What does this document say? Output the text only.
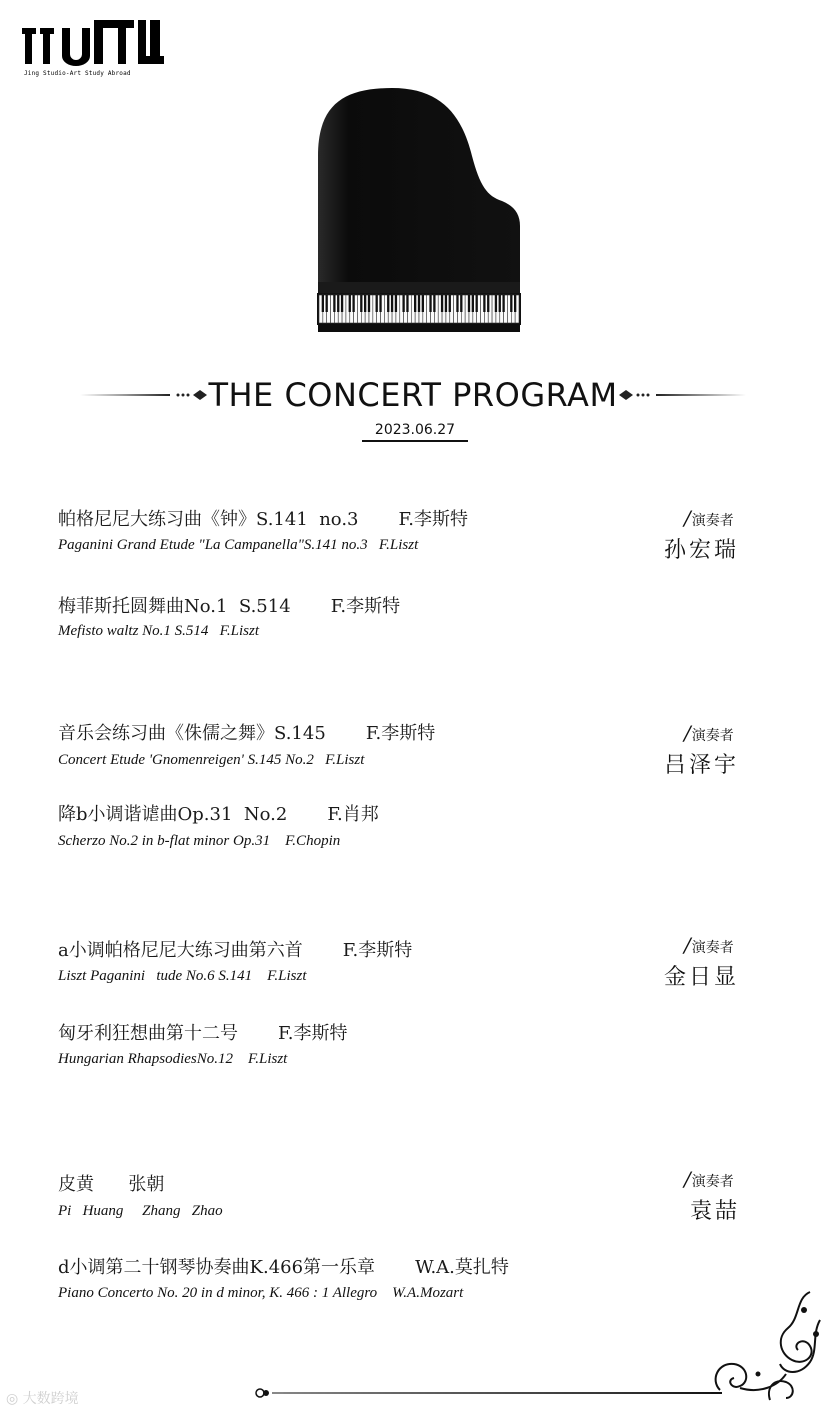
Jing Studio-Art Study Abroad
THE CONCERT PROGRAM
2023.06.27
帕格尼尼大练习曲《钟》S.141  no.3       F.李斯特
Paganini Grand Etude "La Campanella"S.141 no.3   F.Liszt
梅菲斯托圆舞曲No.1  S.514       F.李斯特
Mefisto waltz No.1 S.514   F.Liszt
/演奏者
孙宏瑞
音乐会练习曲《侏儒之舞》S.145       F.李斯特
Concert Etude 'Gnomenreigen' S.145 No.2   F.Liszt
降b小调谐谑曲Op.31  No.2       F.肖邦
Scherzo No.2 in b-flat minor Op.31    F.Chopin
/演奏者
吕泽宇
a小调帕格尼尼大练习曲第六首       F.李斯特
Liszt Paganini   tude No.6 S.141    F.Liszt
匈牙利狂想曲第十二号       F.李斯特
Hungarian RhapsodiesNo.12    F.Liszt
/演奏者
金日显
皮黄      张朝
Pi   Huang     Zhang   Zhao
d小调第二十钢琴协奏曲K.466第一乐章       W.A.莫扎特
Piano Concerto No. 20 in d minor, K. 466 : 1 Allegro    W.A.Mozart
/演奏者
袁喆
◎ 大数跨境
